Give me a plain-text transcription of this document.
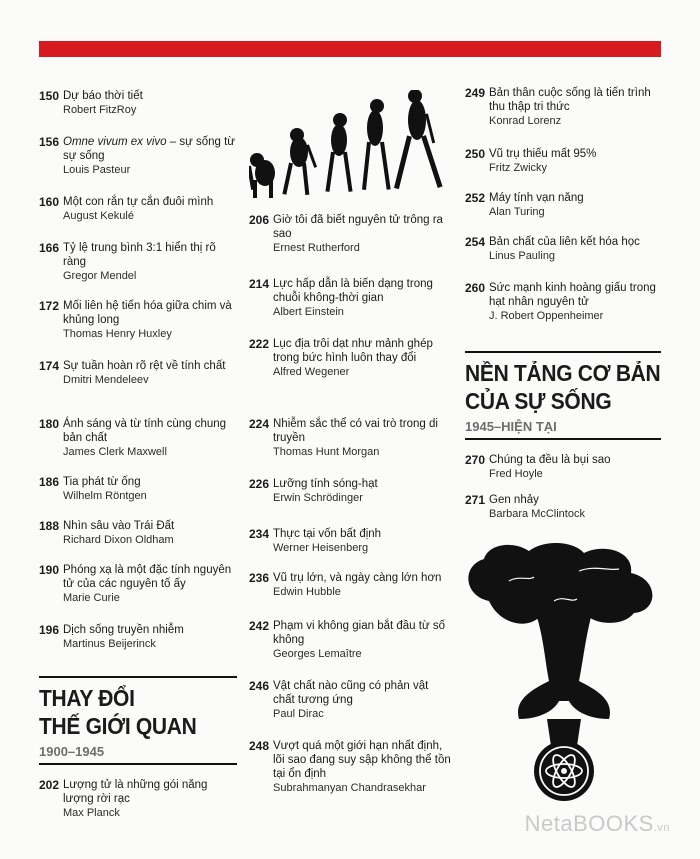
150 Dự báo thời tiết
Robert FitzRoy
156 Omne vivum ex vivo – sự sống từ sự sống
Louis Pasteur
160 Một con rắn tự cắn đuôi mình
August Kekulé
166 Tỷ lệ trung bình 3:1 hiển thị rõ ràng
Gregor Mendel
172 Mối liên hệ tiến hóa giữa chim và khủng long
Thomas Henry Huxley
174 Sự tuần hoàn rõ rệt về tính chất
Dmitri Mendeleev
180 Ánh sáng và từ tính cùng chung bản chất
James Clerk Maxwell
186 Tia phát từ ống
Wilhelm Röntgen
188 Nhìn sâu vào Trái Đất
Richard Dixon Oldham
190 Phóng xạ là một đặc tính nguyên tử của các nguyên tố ấy
Marie Curie
196 Dịch sống truyền nhiễm
Martinus Beijerinck
THAY ĐỔI
THẾ GIỚI QUAN
1900–1945
202 Lượng tử là những gói năng lượng rời rạc
Max Planck
206 Giờ tôi đã biết nguyên tử trông ra sao
Ernest Rutherford
214 Lực hấp dẫn là biến dạng trong chuỗi không-thời gian
Albert Einstein
222 Lục địa trôi dạt như mảnh ghép trong bức hình luôn thay đổi
Alfred Wegener
224 Nhiễm sắc thể có vai trò trong di truyền
Thomas Hunt Morgan
226 Lưỡng tính sóng-hạt
Erwin Schrödinger
234 Thực tại vốn bất định
Werner Heisenberg
236 Vũ trụ lớn, và ngày càng lớn hơn
Edwin Hubble
242 Phạm vi không gian bắt đầu từ số không
Georges Lemaître
246 Vật chất nào cũng có phản vật chất tương ứng
Paul Dirac
248 Vượt quá một giới hạn nhất định, lõi sao đang suy sập không thể tồn tại ổn định
Subrahmanyan Chandrasekhar
249 Bản thân cuộc sống là tiến trình thu thập tri thức
Konrad Lorenz
250 Vũ trụ thiếu mất 95%
Fritz Zwicky
252 Máy tính vạn năng
Alan Turing
254 Bản chất của liên kết hóa học
Linus Pauling
260 Sức mạnh kinh hoàng giấu trong hạt nhân nguyên tử
J. Robert Oppenheimer
NỀN TẢNG CƠ BẢN
CỦA SỰ SỐNG
1945–HIỆN TẠI
270 Chúng ta đều là bụi sao
Fred Hoyle
271 Gen nhảy
Barbara McClintock
NetaBOOKS.vn
